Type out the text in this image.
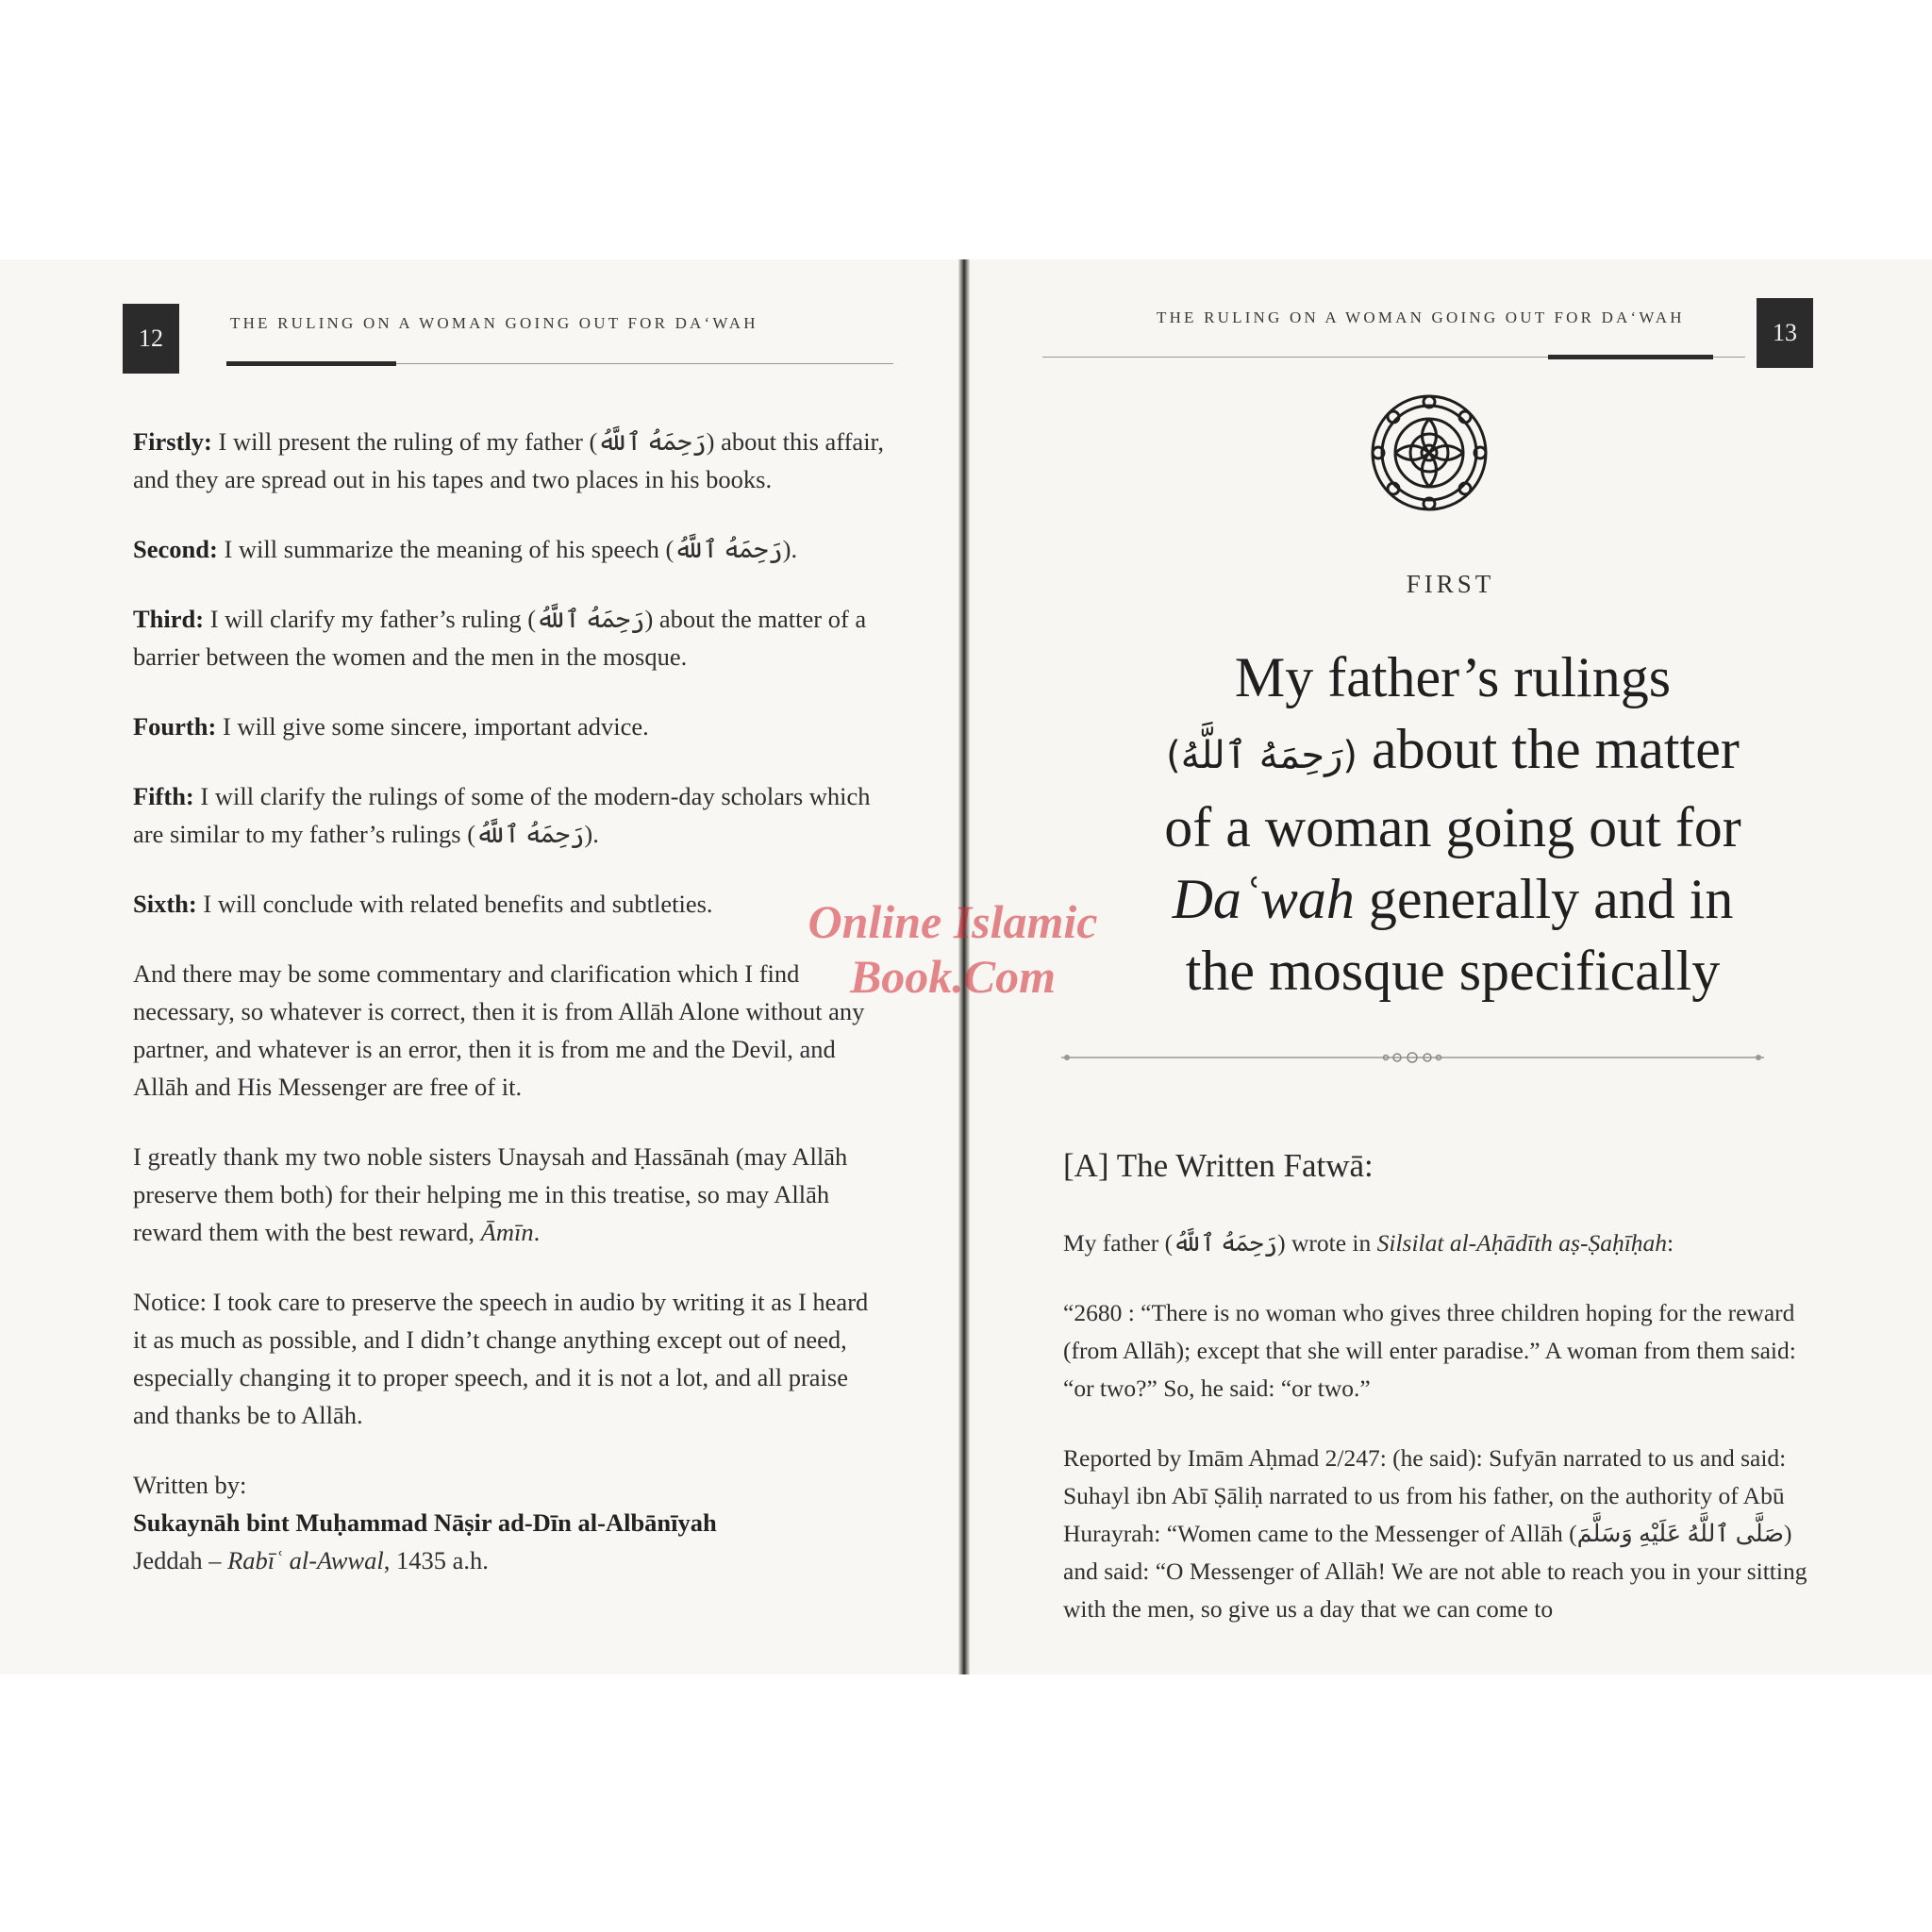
12
THE RULING ON A WOMAN GOING OUT FOR DA‘WAH

Firstly: I will present the ruling of my father (رَحِمَهُ ٱللَّهُ) about this affair, and they are spread out in his tapes and two places in his books.

Second: I will summarize the meaning of his speech (رَحِمَهُ ٱللَّهُ).

Third: I will clarify my father’s ruling (رَحِمَهُ ٱللَّهُ) about the matter of a barrier between the women and the men in the mosque.

Fourth: I will give some sincere, important advice.

Fifth: I will clarify the rulings of some of the modern-day scholars which are similar to my father’s rulings (رَحِمَهُ ٱللَّهُ).

Sixth: I will conclude with related benefits and subtleties.

And there may be some commentary and clarification which I find necessary, so whatever is correct, then it is from Allāh Alone without any partner, and whatever is an error, then it is from me and the Devil, and Allāh and His Messenger are free of it.

I greatly thank my two noble sisters Unaysah and Ḥassānah (may Allāh preserve them both) for their helping me in this treatise, so may Allāh reward them with the best reward, Āmīn.

Notice: I took care to preserve the speech in audio by writing it as I heard it as much as possible, and I didn’t change anything except out of need, especially changing it to proper speech, and it is not a lot, and all praise and thanks be to Allāh.

Written by:
Sukaynāh bint Muḥammad Nāṣir ad-Dīn al-Albānīyah
Jeddah – Rabīʿ al-Awwal, 1435 a.h.
THE RULING ON A WOMAN GOING OUT FOR DA‘WAH
13
FIRST
My father’s rulings
(رَحِمَهُ ٱللَّهُ) about the matter
of a woman going out for
Daʿwah generally and in
the mosque specifically
[A] The Written Fatwā:

My father (رَحِمَهُ ٱللَّهُ) wrote in Silsilat al-Aḥādīth aṣ-Ṣaḥīḥah:

“2680 : “There is no woman who gives three children hoping for the reward (from Allāh); except that she will enter paradise.” A woman from them said: “or two?” So, he said: “or two.”

Reported by Imām Aḥmad 2/247: (he said): Sufyān narrated to us and said: Suhayl ibn Abī Ṣāliḥ narrated to us from his father, on the authority of Abū Hurayrah: “Women came to the Messenger of Allāh (صَلَّى ٱللَّهُ عَلَيْهِ وَسَلَّمَ) and said: “O Messenger of Allāh! We are not able to reach you in your sitting with the men, so give us a day that we can come to

Online Islamic
Book.Com
